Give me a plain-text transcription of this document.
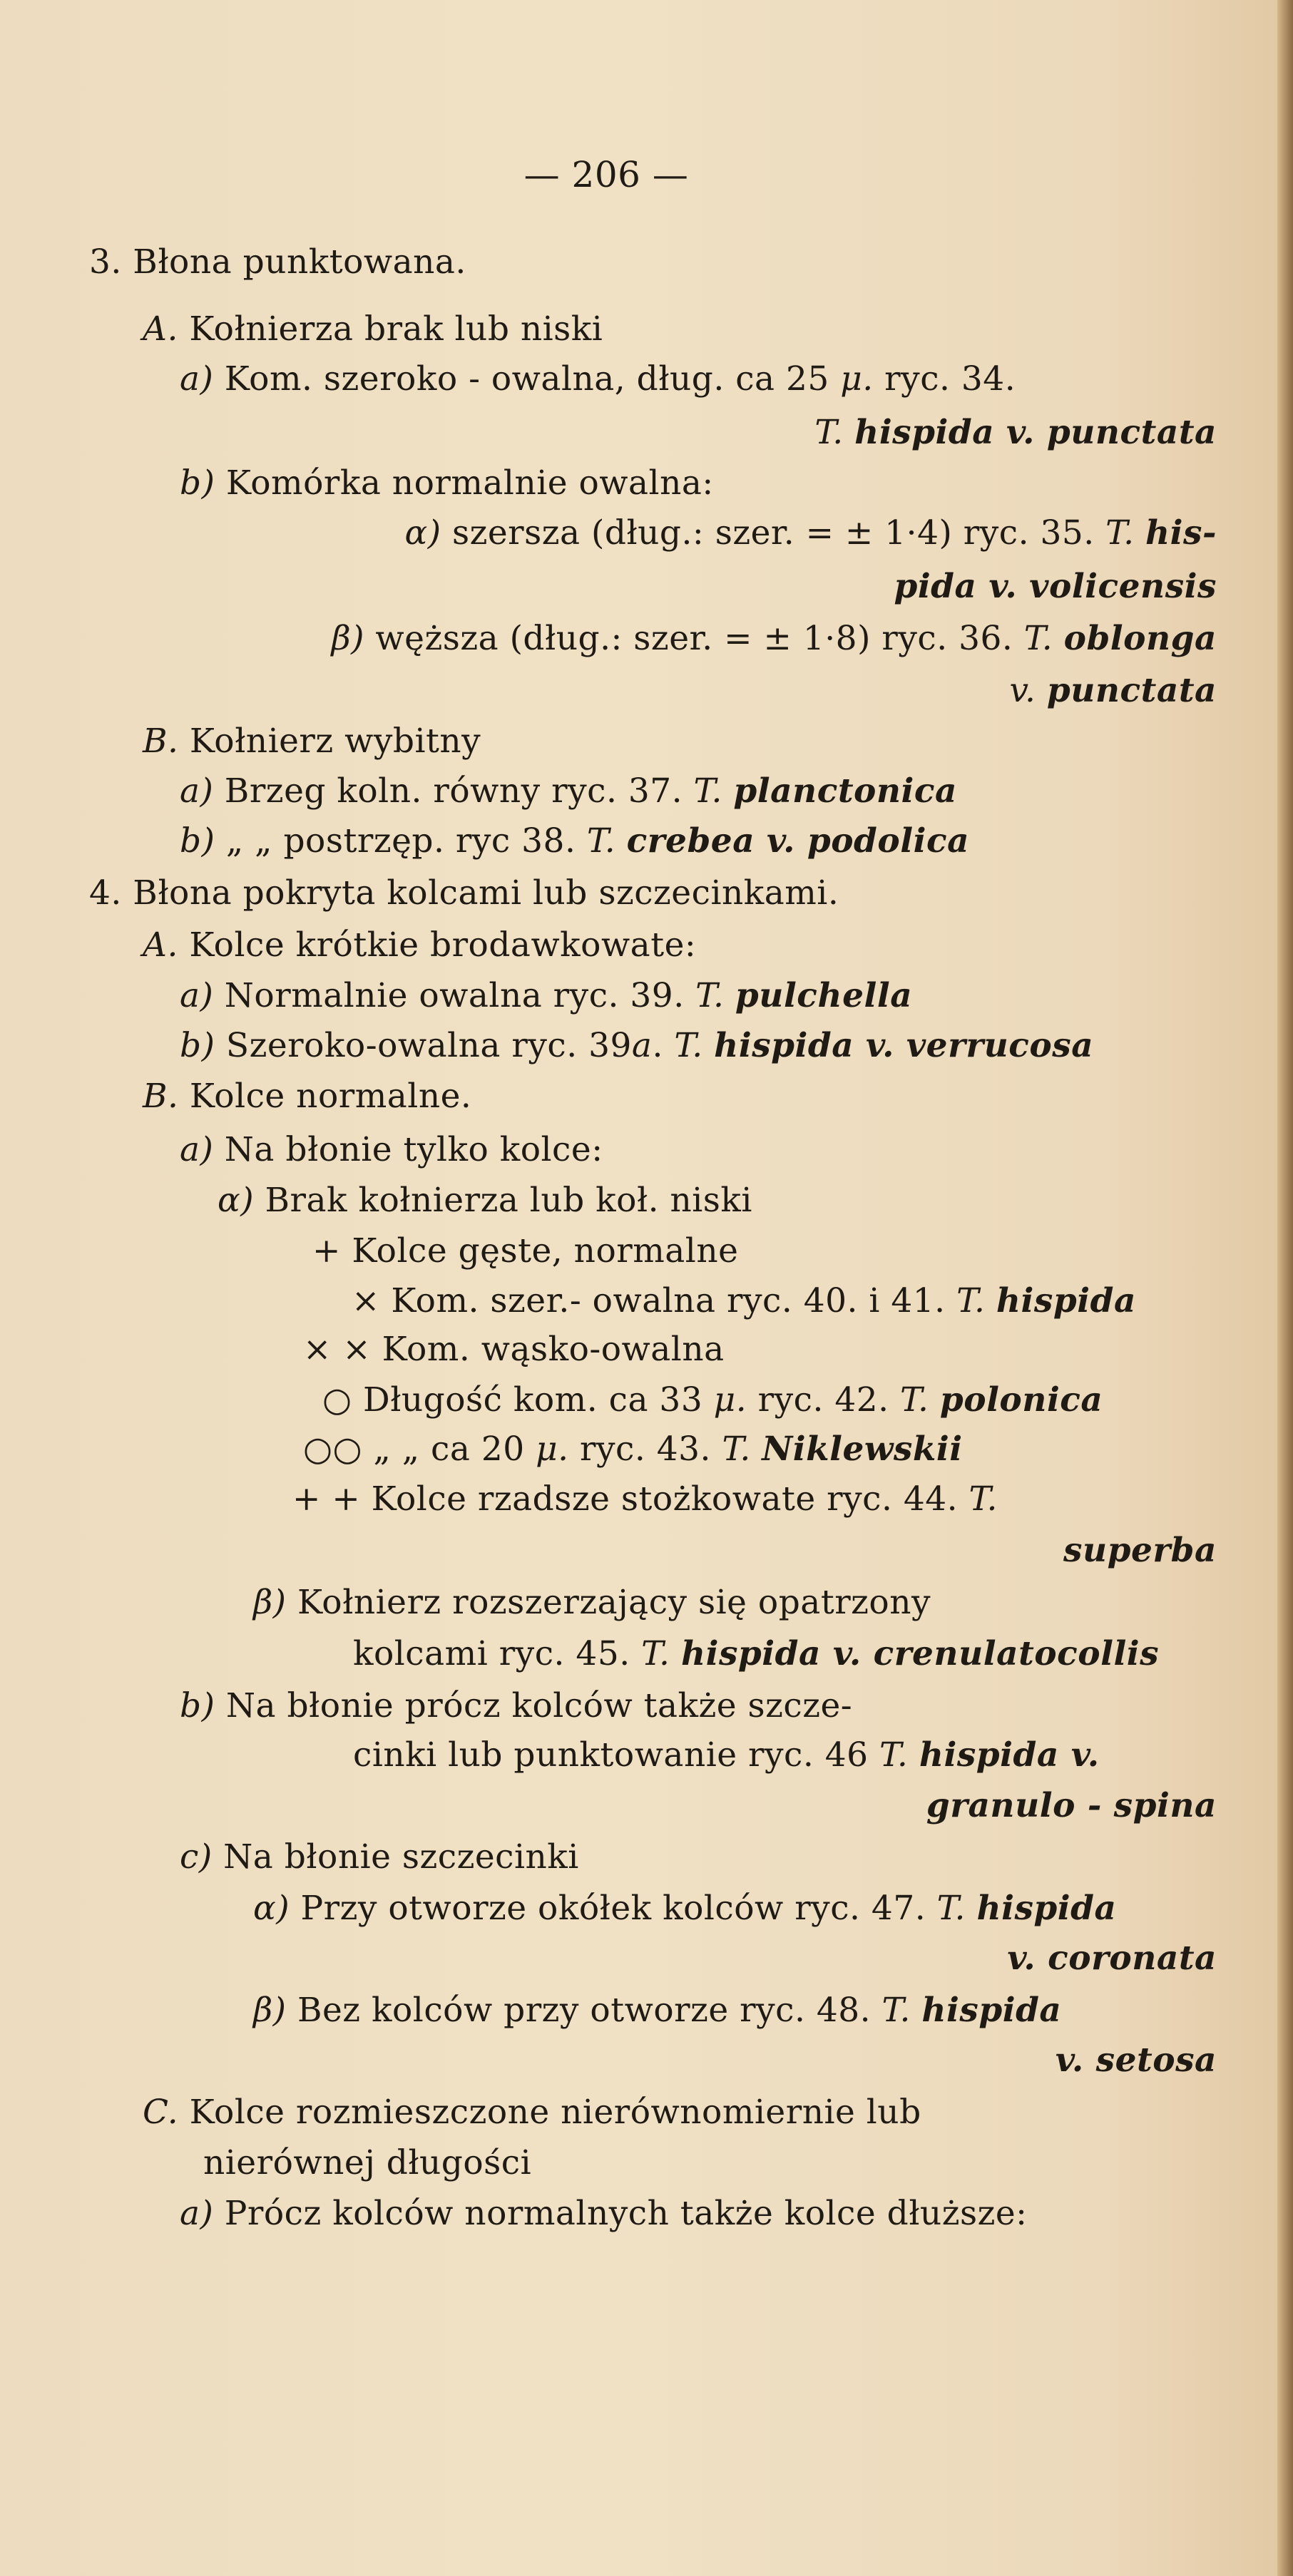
— 206 —
3. Błona punktowana.
A. Kołnierza brak lub niski
a) Kom. szeroko - owalna, dług. ca 25 μ. ryc. 34.
T. hispida v. punctata
b) Komórka normalnie owalna:
α) szersza (dług.: szer. = ± 1·4) ryc. 35. T. his-
pida v. volicensis
β) węższa (dług.: szer. = ± 1·8) ryc. 36. T. oblonga
v. punctata
B. Kołnierz wybitny
a) Brzeg koln. równy ryc. 37. T. planctonica
b) „ „ postrzęp. ryc 38. T. crebea v. podolica
4. Błona pokryta kolcami lub szczecinkami.
A. Kolce krótkie brodawkowate:
a) Normalnie owalna ryc. 39. T. pulchella
b) Szeroko-owalna ryc. 39a. T. hispida v. verrucosa
B. Kolce normalne.
a) Na błonie tylko kolce:
α) Brak kołnierza lub koł. niski
+ Kolce gęste, normalne
× Kom. szer.- owalna ryc. 40. i 41. T. hispida
× × Kom. wąsko-owalna
○ Długość kom. ca 33 μ. ryc. 42. T. polonica
○○ „ „ ca 20 μ. ryc. 43. T. Niklewskii
+ + Kolce rzadsze stożkowate ryc. 44. T.
superba
β) Kołnierz rozszerzający się opatrzony
kolcami ryc. 45. T. hispida v. crenulatocollis
b) Na błonie prócz kolców także szcze-
cinki lub punktowanie ryc. 46 T. hispida v.
granulo - spina
c) Na błonie szczecinki
α) Przy otworze okółek kolców ryc. 47. T. hispida
v. coronata
β) Bez kolców przy otworze ryc. 48. T. hispida
v. setosa
C. Kolce rozmieszczone nierównomiernie lub
nierównej długości
a) Prócz kolców normalnych także kolce dłuższe:
